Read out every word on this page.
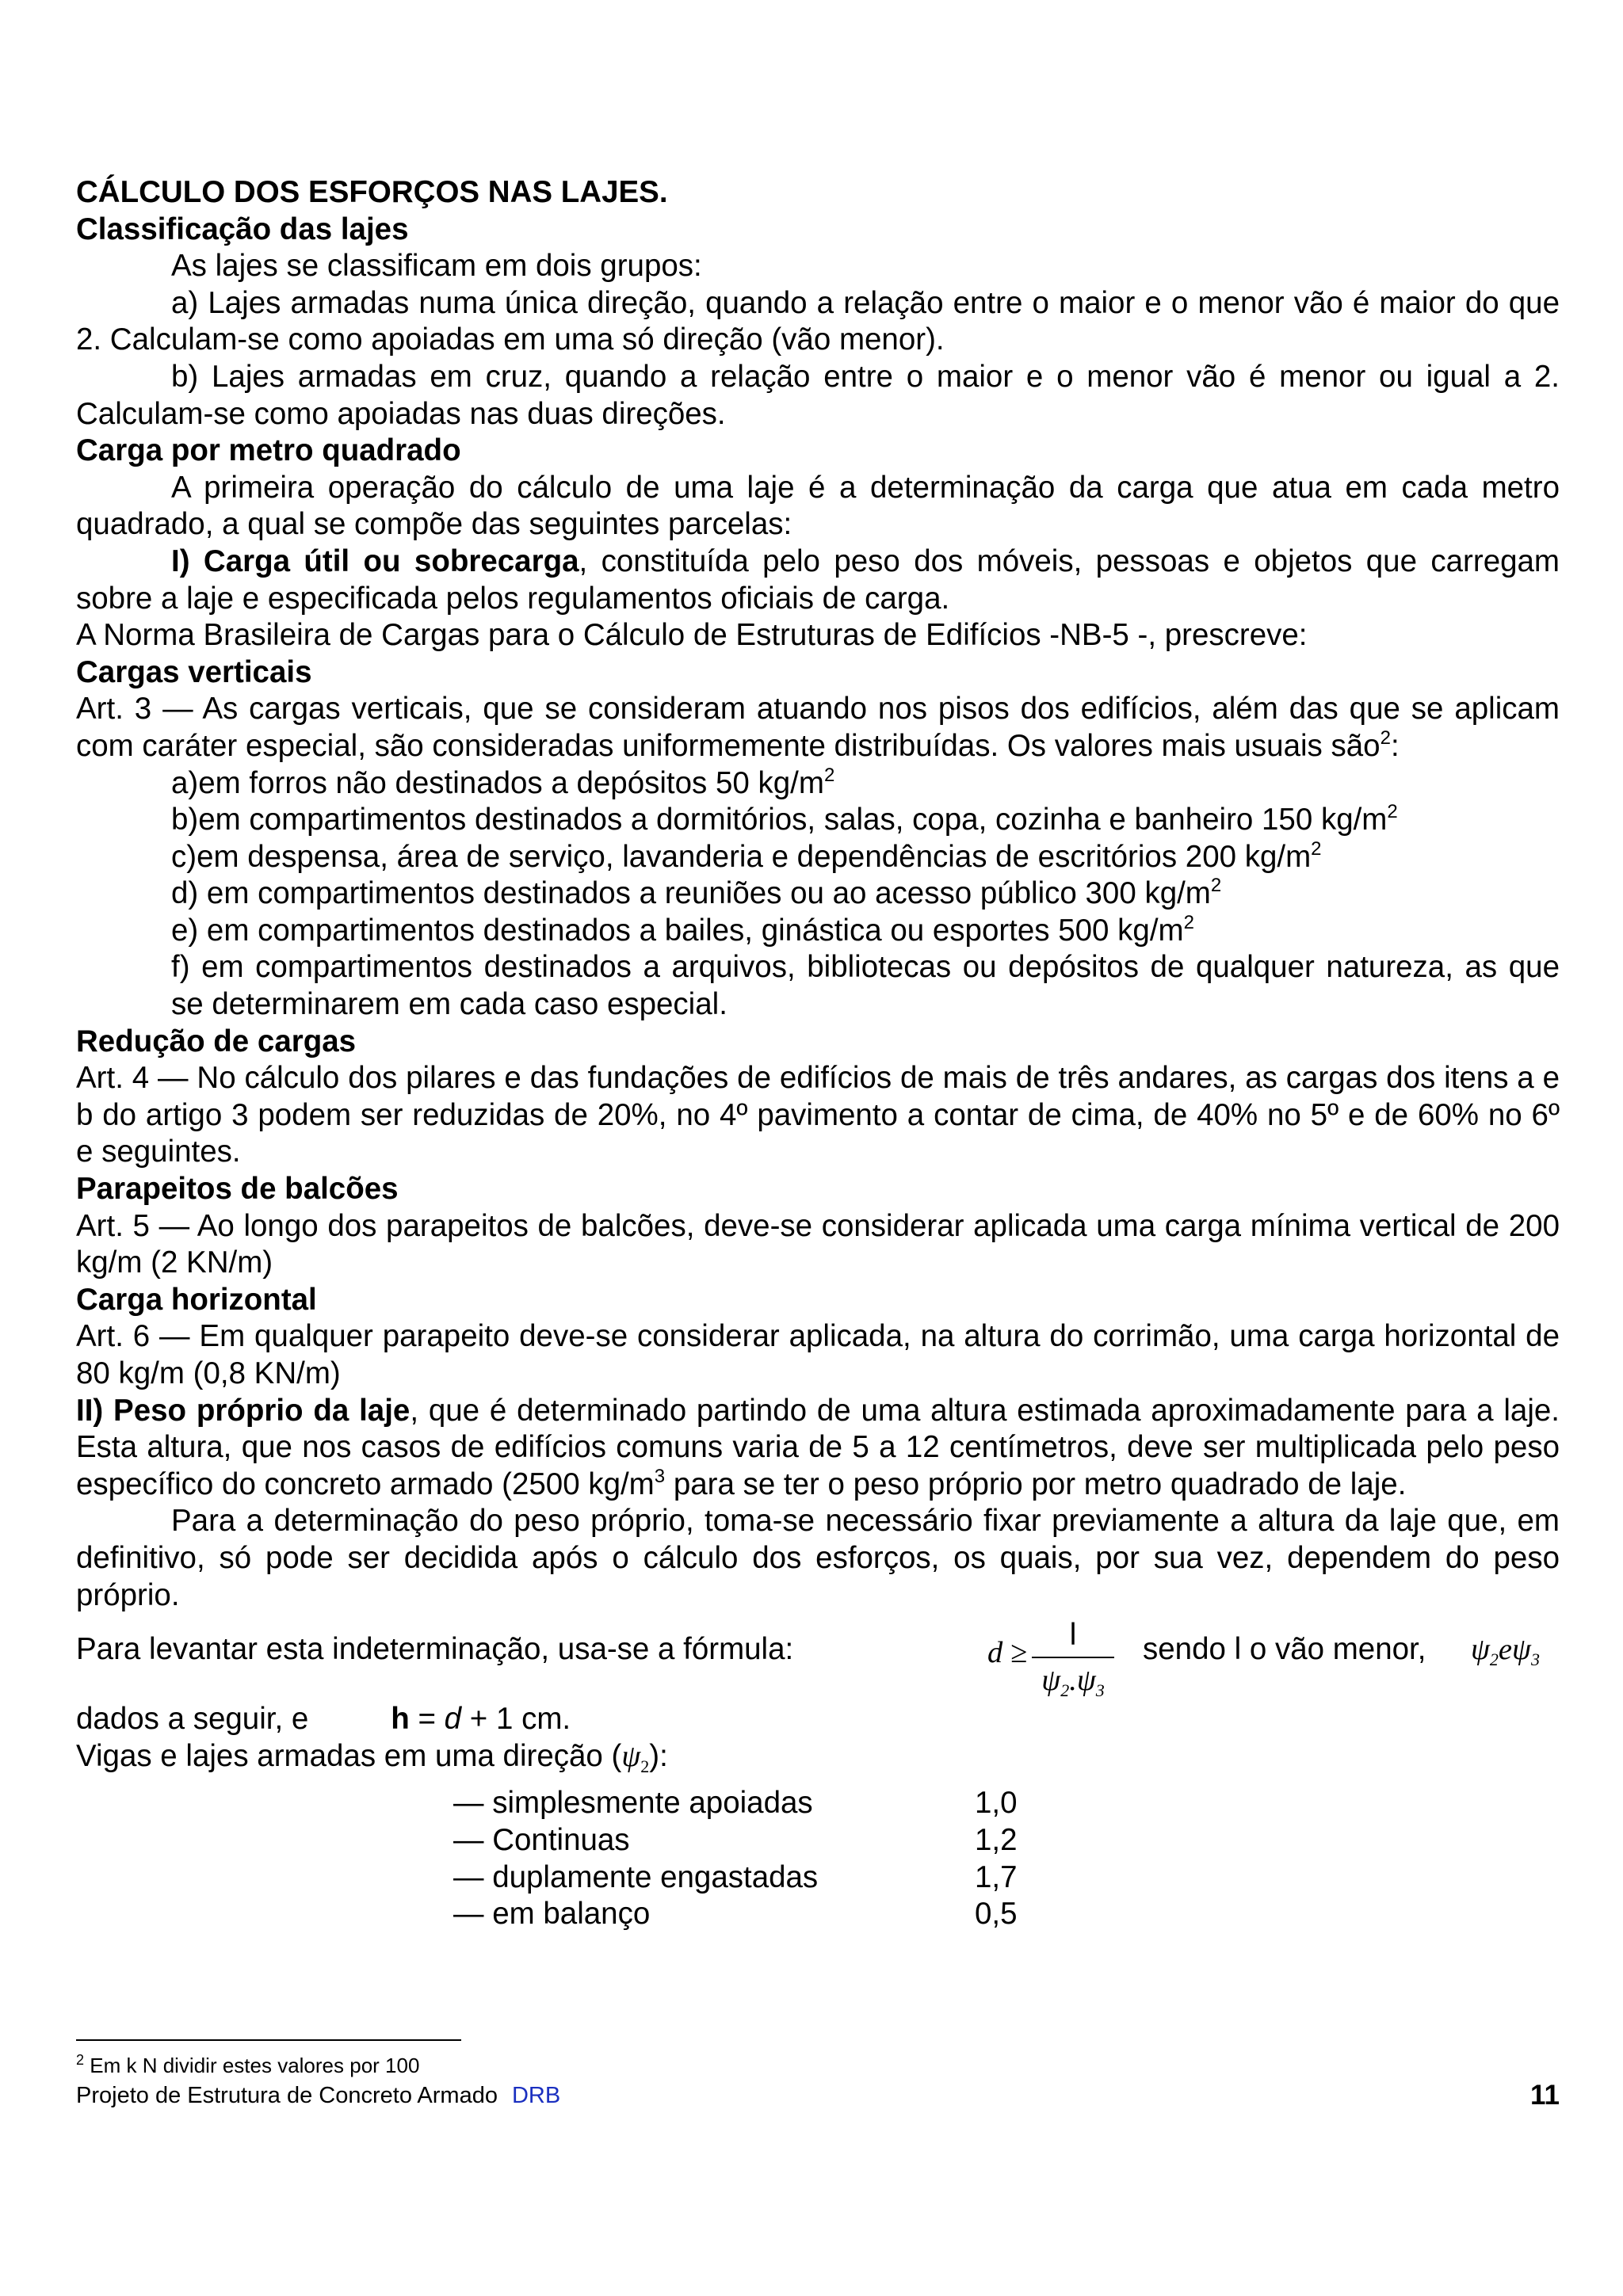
CÁLCULO DOS ESFORÇOS NAS LAJES.

Classificação das lajes

As lajes se classificam em dois grupos:

a) Lajes armadas numa única direção, quando a relação entre o maior e o menor vão é maior do que 2. Calculam-se como apoiadas em uma só direção (vão menor).

b) Lajes armadas em cruz, quando a relação entre o maior e o menor vão é menor ou igual a 2. Calculam-se como apoiadas nas duas direções.

Carga por metro quadrado

A primeira operação do cálculo de uma laje é a determinação da carga que atua em cada metro quadrado, a qual se compõe das seguintes parcelas:

I) Carga útil ou sobrecarga, constituída pelo peso dos móveis, pessoas e objetos que carregam sobre a laje e especificada pelos regulamentos oficiais de carga.

A Norma Brasileira de Cargas para o Cálculo de Estruturas de Edifícios -NB-5 -, prescreve:

Cargas verticais

Art. 3 — As cargas verticais, que se consideram atuando nos pisos dos edifícios, além das que se aplicam com caráter especial, são consideradas uniformemente distribuídas. Os valores mais usuais são$^2$:

a)em forros não destinados a depósitos 50 $kg/m^2$

b)em compartimentos destinados a dormitórios, salas, copa, cozinha e banheiro 150 $kg/m^2$

c)em despensa, área de serviço, lavanderia e dependências de escritórios 200 $kg/m^2$

d) em compartimentos destinados a reuniões ou ao acesso público 300 $kg/m^2$

e) em compartimentos destinados a bailes, ginástica ou esportes 500 $kg/m^2$

f) em compartimentos destinados a arquivos, bibliotecas ou depósitos de qualquer natureza, as que se determinarem em cada caso especial.

Redução de cargas

Art. 4 — No cálculo dos pilares e das fundações de edifícios de mais de três andares, as cargas dos itens a e b do artigo 3 podem ser reduzidas de 20%, no 4º pavimento a contar de cima, de 40% no 5º e de 60% no 6º e seguintes.

Parapeitos de balcões

Art. 5 — Ao longo dos parapeitos de balcões, deve-se considerar aplicada uma carga mínima vertical de 200 kg/m (2 KN/m)

Carga horizontal

Art. 6 — Em qualquer parapeito deve-se considerar aplicada, na altura do corrimão, uma carga horizontal de 80 kg/m (0,8 KN/m)

II) Peso próprio da laje, que é determinado partindo de uma altura estimada aproximadamente para a laje. Esta altura, que nos casos de edifícios comuns varia de 5 a 12 centímetros, deve ser multiplicada pelo peso específico do concreto armado (2500 $kg/m^3$ para se ter o peso próprio por metro quadrado de laje.

Para a determinação do peso próprio, toma-se necessário fixar previamente a altura da laje que, em definitivo, só pode ser decidida após o cálculo dos esforços, os quais, por sua vez, dependem do peso próprio.

Para levantar esta indeterminação, usa-se a fórmula:	d ≥
l
$\psi_2.\psi_3$
sendo l o vão menor, $\psi_2e\psi_3$

dados a seguir, e	h = d + 1 cm.

Vigas e lajes armadas em uma direção $(\psi_2)$:

— simplesmente apoiadas	1,0
— Continuas	1,2
— duplamente engastadas	1,7
— em balanço	0,5
$^2$ Em k N dividir estes valores por 100
Projeto de Estrutura de Concreto Armado DRB	11
